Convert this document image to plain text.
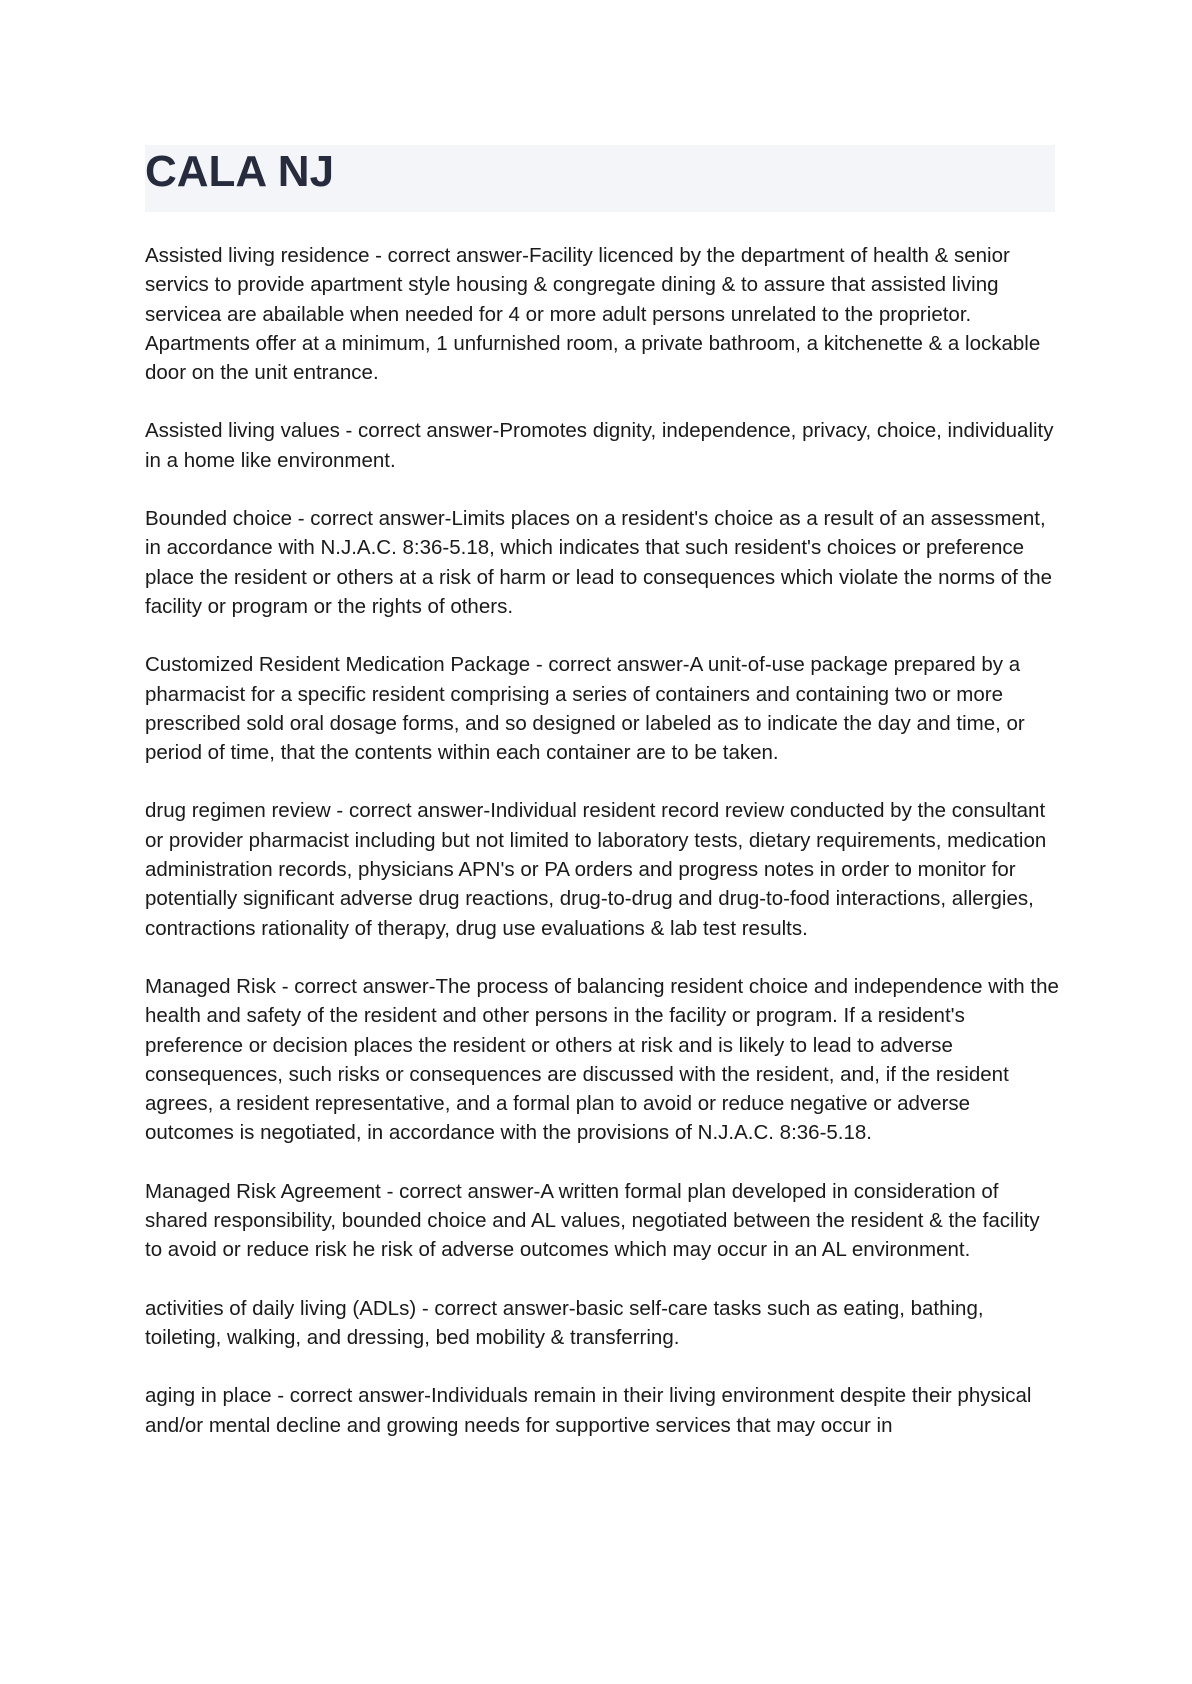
CALA NJ

Assisted living residence - correct answer-Facility licenced by the department of health & senior servics to provide apartment style housing & congregate dining & to assure that assisted living servicea are abailable when needed for 4 or more adult persons unrelated to the proprietor. Apartments offer at a minimum, 1 unfurnished room, a private bathroom, a kitchenette & a lockable door on the unit entrance.

Assisted living values - correct answer-Promotes dignity, independence, privacy, choice, individuality in a home like environment.

Bounded choice - correct answer-Limits places on a resident's choice as a result of an assessment, in accordance with N.J.A.C. 8:36-5.18, which indicates that such resident's choices or preference place the resident or others at a risk of harm or lead to consequences which violate the norms of the facility or program or the rights of others.

Customized Resident Medication Package - correct answer-A unit-of-use package prepared by a pharmacist for a specific resident comprising a series of containers and containing two or more prescribed sold oral dosage forms, and so designed or labeled as to indicate the day and time, or period of time, that the contents within each container are to be taken.

drug regimen review - correct answer-Individual resident record review conducted by the consultant or provider pharmacist including but not limited to laboratory tests, dietary requirements, medication administration records, physicians APN's or PA orders and progress notes in order to monitor for potentially significant adverse drug reactions, drug-to-drug and drug-to-food interactions, allergies, contractions rationality of therapy, drug use evaluations & lab test results.

Managed Risk - correct answer-The process of balancing resident choice and independence with the health and safety of the resident and other persons in the facility or program. If a resident's preference or decision places the resident or others at risk and is likely to lead to adverse consequences, such risks or consequences are discussed with the resident, and, if the resident agrees, a resident representative, and a formal plan to avoid or reduce negative or adverse outcomes is negotiated, in accordance with the provisions of N.J.A.C. 8:36-5.18.

Managed Risk Agreement - correct answer-A written formal plan developed in consideration of shared responsibility, bounded choice and AL values, negotiated between the resident & the facility to avoid or reduce risk he risk of adverse outcomes which may occur in an AL environment.

activities of daily living (ADLs) - correct answer-basic self-care tasks such as eating, bathing, toileting, walking, and dressing, bed mobility & transferring.

aging in place - correct answer-Individuals remain in their living environment despite their physical and/or mental decline and growing needs for supportive services that may occur in
